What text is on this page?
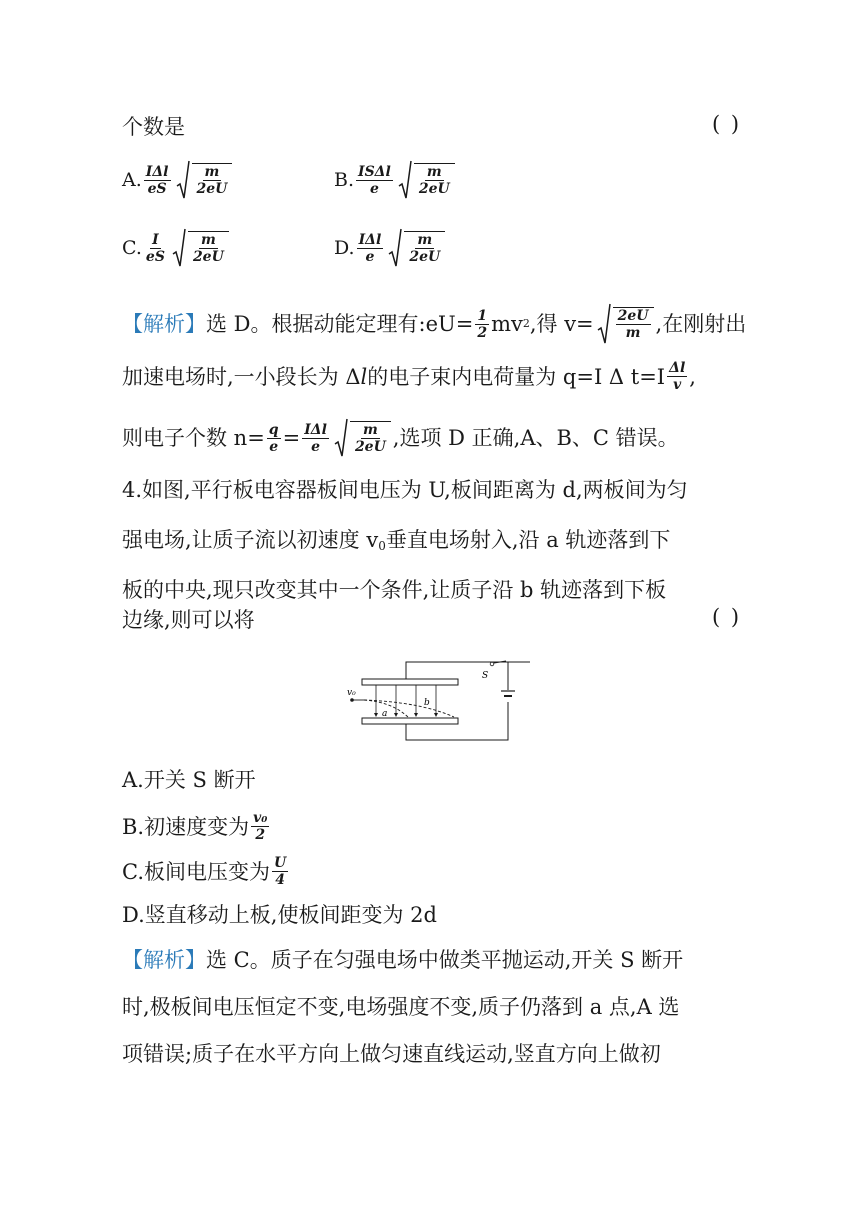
个数是	( )
A. $\frac{\text{IΔl}}{eS} \frac{m}{2eU}$	B. $\frac{\text{ISΔl}}{e} \frac{m}{2eU}$
C. $\frac{I}{eS} \frac{m}{2eU}$	D. $\frac{\text{IΔl}}{e} \frac{m}{2eU}$
【解析】 选 D。根据动能定理有:eU= $\frac{1}{2}$ mv 2 ,得 $v= \frac{2eU}{m}$ ,在刚射出
加速电场时,一小段长为 Δ l 的电子束内电荷量为 q=I Δ $t=I \frac{\Delta l}{v}$ ,
则电子个数 $n= \frac{q}{e} = \frac{\text{IΔl}}{e} \frac{m}{2eU}$ ,选项 D 正确,A、B、C 错误。
4.如图,平行板电容器板间电压为 U,板间距离为 d,两板间为匀
强电场,让质子流以初速度 $v_0$垂直电场射入,沿 a 轨迹落到下
板的中央,现只改变其中一个条件,让质子沿 b 轨迹落到下板
边缘,则可以将	( )
v₀
a
b
S
A.开关 S 断开
B.初速度变为 $\frac{\text{v₀}}{2}$
C.板间电压变为 $\frac{U}{4}$
D.竖直移动上板,使板间距变为 2d
【解析】选 C。质子在匀强电场中做类平抛运动,开关 S 断开
时,极板间电压恒定不变,电场强度不变,质子仍落到 a 点,A 选
项错误;质子在水平方向上做匀速直线运动,竖直方向上做初
